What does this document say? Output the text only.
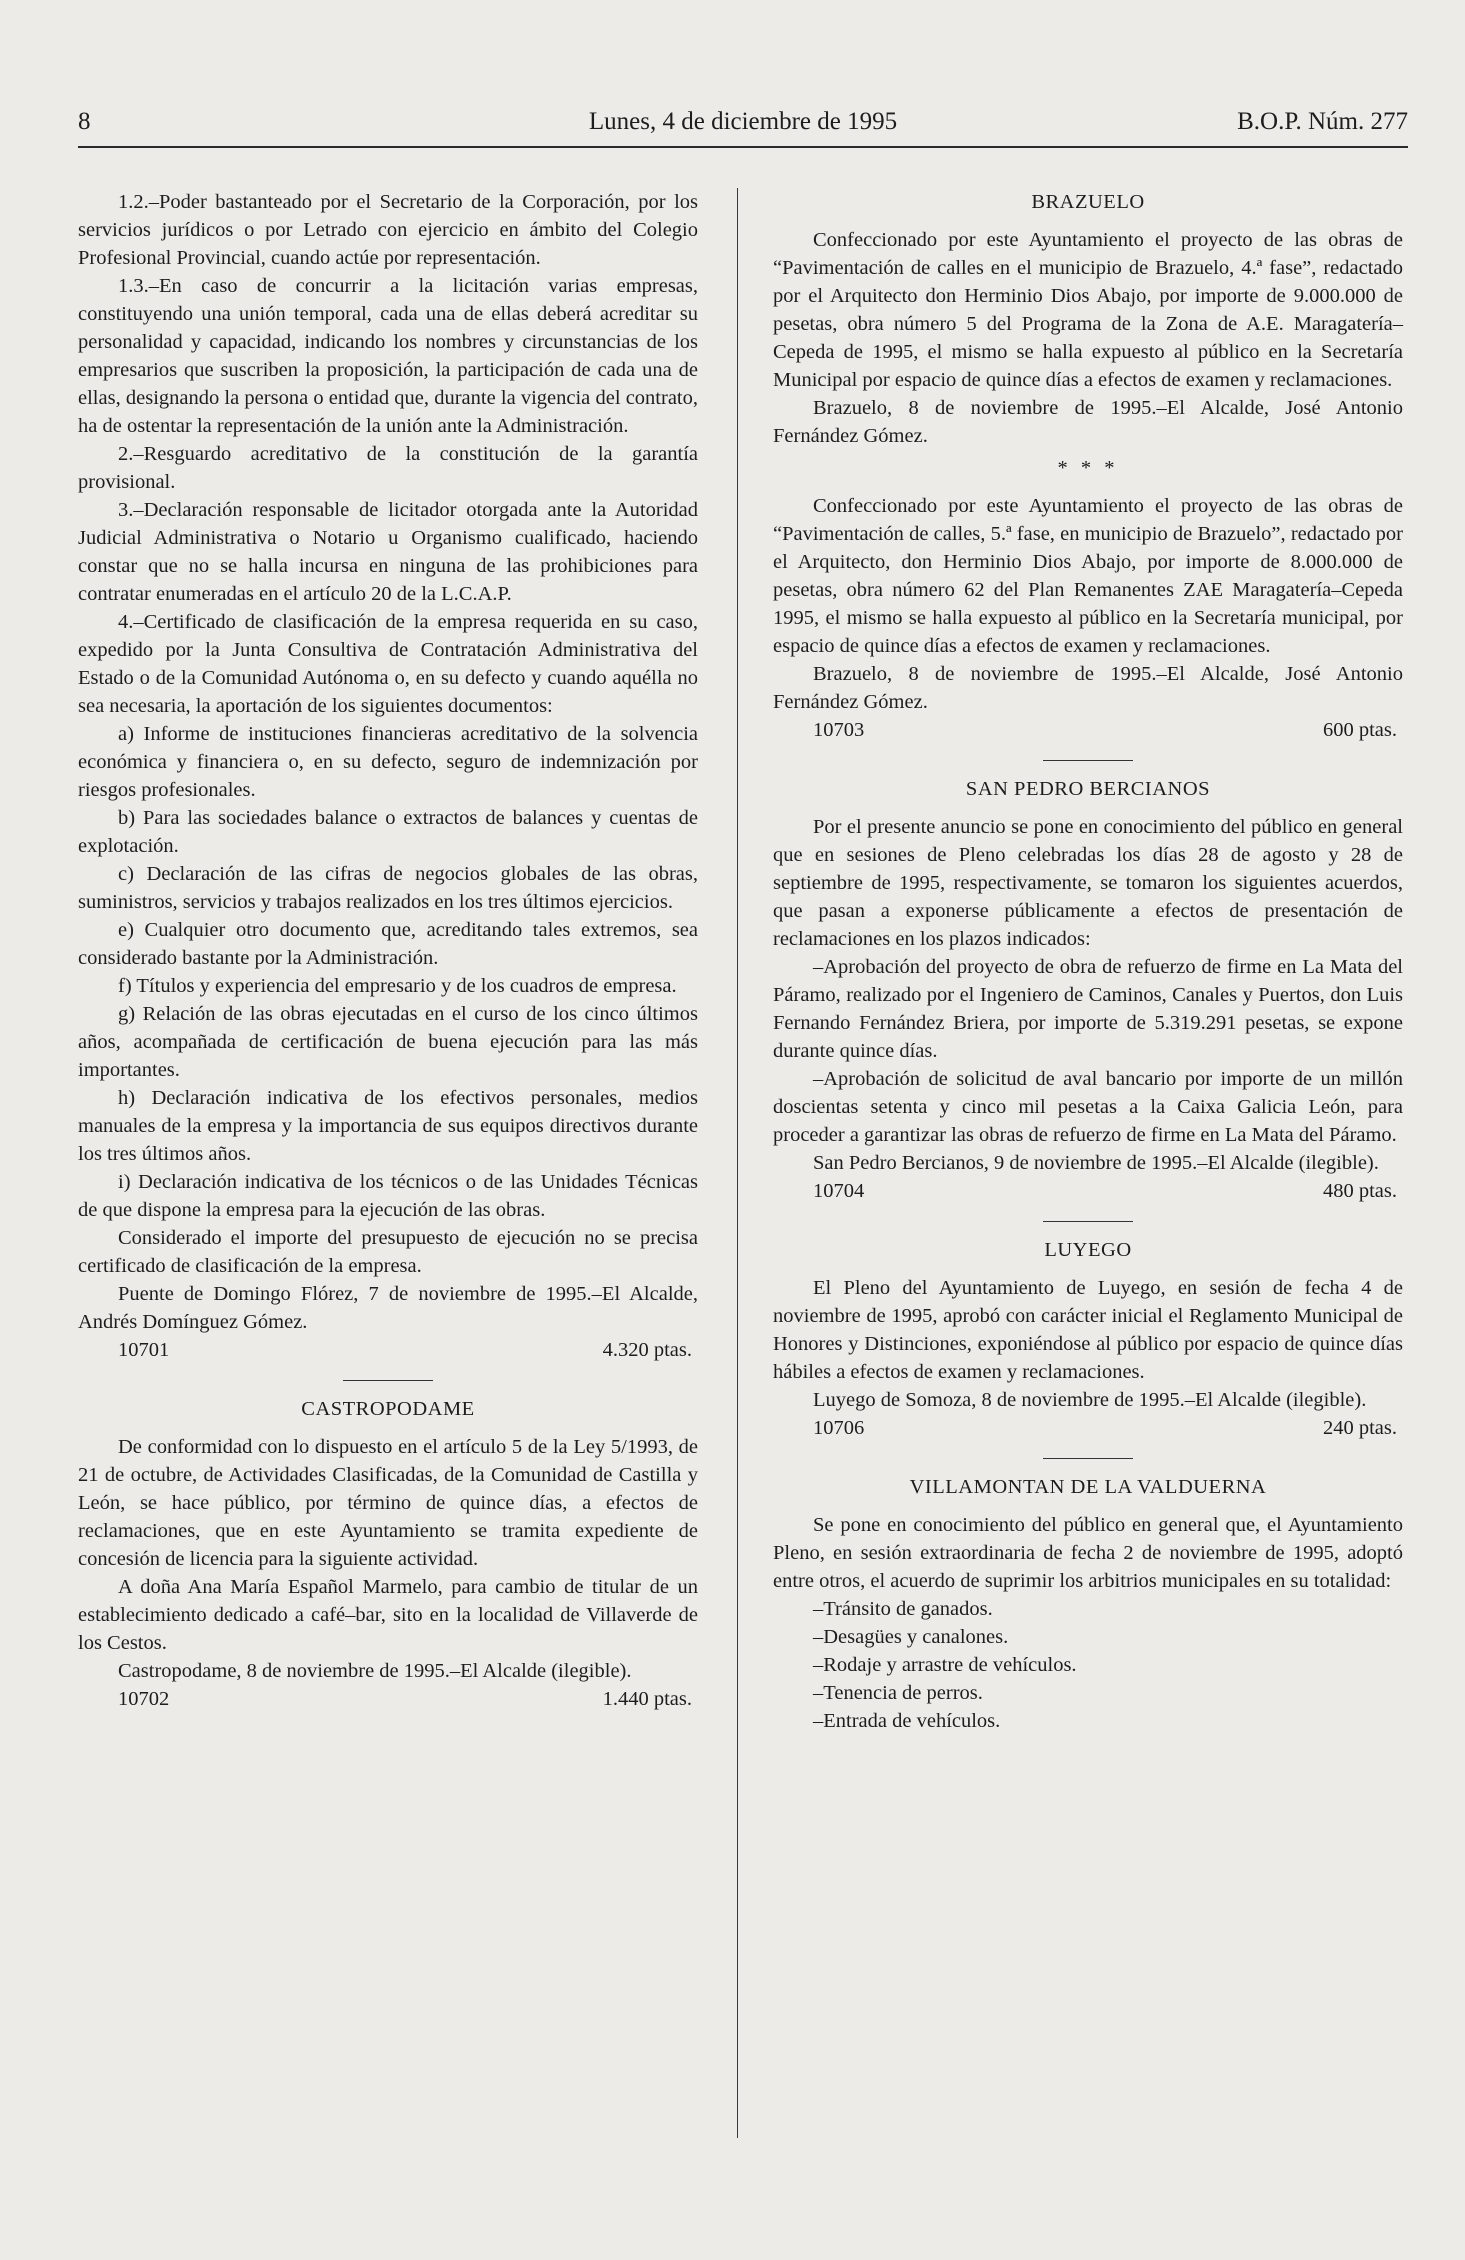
8	Lunes, 4 de diciembre de 1995	B.O.P. Núm. 277

1.2.–Poder bastanteado por el Secretario de la Corporación, por los servicios jurídicos o por Letrado con ejercicio en ámbito del Colegio Profesional Provincial, cuando actúe por representación.

1.3.–En caso de concurrir a la licitación varias empresas, constituyendo una unión temporal, cada una de ellas deberá acreditar su personalidad y capacidad, indicando los nombres y circunstancias de los empresarios que suscriben la proposición, la participación de cada una de ellas, designando la persona o entidad que, durante la vigencia del contrato, ha de ostentar la representación de la unión ante la Administración.

2.–Resguardo acreditativo de la constitución de la garantía provisional.

3.–Declaración responsable de licitador otorgada ante la Autoridad Judicial Administrativa o Notario u Organismo cualificado, haciendo constar que no se halla incursa en ninguna de las prohibiciones para contratar enumeradas en el artículo 20 de la L.C.A.P.

4.–Certificado de clasificación de la empresa requerida en su caso, expedido por la Junta Consultiva de Contratación Administrativa del Estado o de la Comunidad Autónoma o, en su defecto y cuando aquélla no sea necesaria, la aportación de los siguientes documentos:

a) Informe de instituciones financieras acreditativo de la solvencia económica y financiera o, en su defecto, seguro de indemnización por riesgos profesionales.

b) Para las sociedades balance o extractos de balances y cuentas de explotación.

c) Declaración de las cifras de negocios globales de las obras, suministros, servicios y trabajos realizados en los tres últimos ejercicios.

e) Cualquier otro documento que, acreditando tales extremos, sea considerado bastante por la Administración.

f) Títulos y experiencia del empresario y de los cuadros de empresa.

g) Relación de las obras ejecutadas en el curso de los cinco últimos años, acompañada de certificación de buena ejecución para las más importantes.

h) Declaración indicativa de los efectivos personales, medios manuales de la empresa y la importancia de sus equipos directivos durante los tres últimos años.

i) Declaración indicativa de los técnicos o de las Unidades Técnicas de que dispone la empresa para la ejecución de las obras.

Considerado el importe del presupuesto de ejecución no se precisa certificado de clasificación de la empresa.

Puente de Domingo Flórez, 7 de noviembre de 1995.–El Alcalde, Andrés Domínguez Gómez.

10701	4.320 ptas.

CASTROPODAME

De conformidad con lo dispuesto en el artículo 5 de la Ley 5/1993, de 21 de octubre, de Actividades Clasificadas, de la Comunidad de Castilla y León, se hace público, por término de quince días, a efectos de reclamaciones, que en este Ayuntamiento se tramita expediente de concesión de licencia para la siguiente actividad.

A doña Ana María Español Marmelo, para cambio de titular de un establecimiento dedicado a café–bar, sito en la localidad de Villaverde de los Cestos.

Castropodame, 8 de noviembre de 1995.–El Alcalde (ilegible).

10702	1.440 ptas.

BRAZUELO

Confeccionado por este Ayuntamiento el proyecto de las obras de “Pavimentación de calles en el municipio de Brazuelo, 4.ª fase”, redactado por el Arquitecto don Herminio Dios Abajo, por importe de 9.000.000 de pesetas, obra número 5 del Programa de la Zona de A.E. Maragatería–Cepeda de 1995, el mismo se halla expuesto al público en la Secretaría Municipal por espacio de quince días a efectos de examen y reclamaciones.

Brazuelo, 8 de noviembre de 1995.–El Alcalde, José Antonio Fernández Gómez.

* * *

Confeccionado por este Ayuntamiento el proyecto de las obras de “Pavimentación de calles, 5.ª fase, en municipio de Brazuelo”, redactado por el Arquitecto, don Herminio Dios Abajo, por importe de 8.000.000 de pesetas, obra número 62 del Plan Remanentes ZAE Maragatería–Cepeda 1995, el mismo se halla expuesto al público en la Secretaría municipal, por espacio de quince días a efectos de examen y reclamaciones.

Brazuelo, 8 de noviembre de 1995.–El Alcalde, José Antonio Fernández Gómez.

10703	600 ptas.

SAN PEDRO BERCIANOS

Por el presente anuncio se pone en conocimiento del público en general que en sesiones de Pleno celebradas los días 28 de agosto y 28 de septiembre de 1995, respectivamente, se tomaron los siguientes acuerdos, que pasan a exponerse públicamente a efectos de presentación de reclamaciones en los plazos indicados:

–Aprobación del proyecto de obra de refuerzo de firme en La Mata del Páramo, realizado por el Ingeniero de Caminos, Canales y Puertos, don Luis Fernando Fernández Briera, por importe de 5.319.291 pesetas, se expone durante quince días.

–Aprobación de solicitud de aval bancario por importe de un millón doscientas setenta y cinco mil pesetas a la Caixa Galicia León, para proceder a garantizar las obras de refuerzo de firme en La Mata del Páramo.

San Pedro Bercianos, 9 de noviembre de 1995.–El Alcalde (ilegible).

10704	480 ptas.

LUYEGO

El Pleno del Ayuntamiento de Luyego, en sesión de fecha 4 de noviembre de 1995, aprobó con carácter inicial el Reglamento Municipal de Honores y Distinciones, exponiéndose al público por espacio de quince días hábiles a efectos de examen y reclamaciones.

Luyego de Somoza, 8 de noviembre de 1995.–El Alcalde (ilegible).

10706	240 ptas.

VILLAMONTAN DE LA VALDUERNA

Se pone en conocimiento del público en general que, el Ayuntamiento Pleno, en sesión extraordinaria de fecha 2 de noviembre de 1995, adoptó entre otros, el acuerdo de suprimir los arbitrios municipales en su totalidad:

–Tránsito de ganados.

–Desagües y canalones.

–Rodaje y arrastre de vehículos.

–Tenencia de perros.

–Entrada de vehículos.
